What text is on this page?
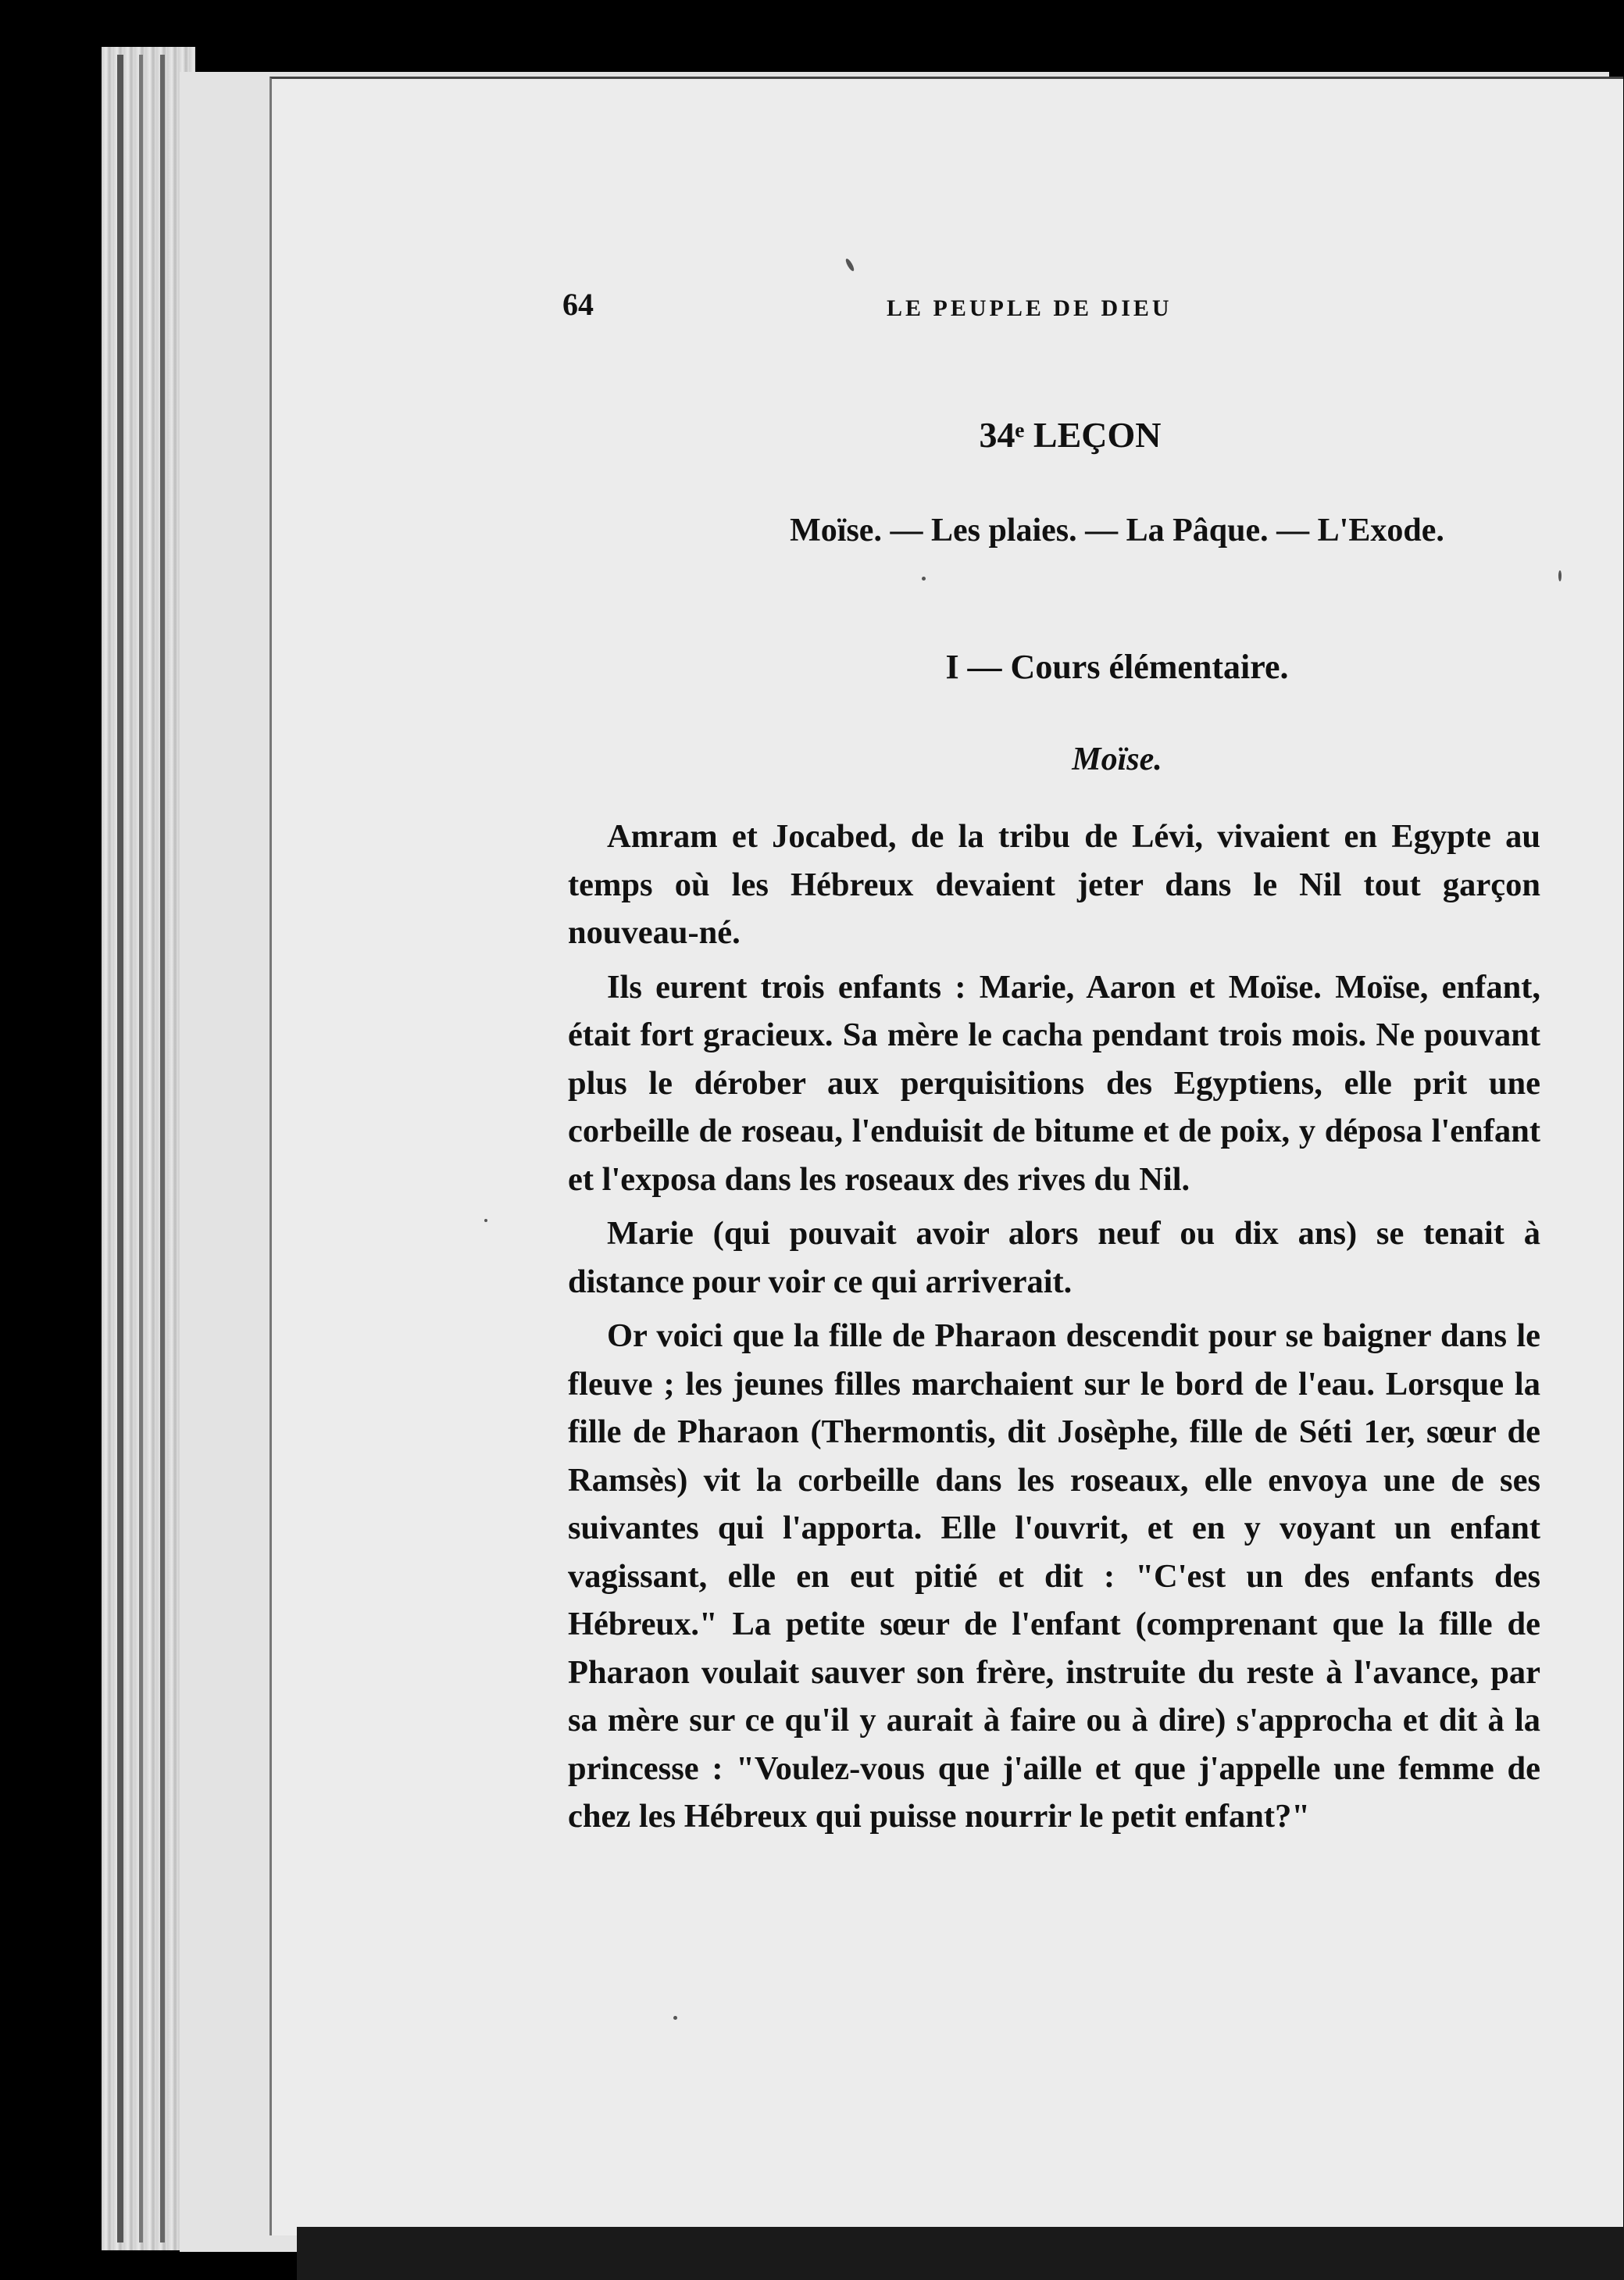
64	LE PEUPLE DE DIEU
34ᵉ LEÇON
Moïse. — Les plaies. — La Pâque. — L'Exode.
I — Cours élémentaire.
Moïse.

Amram et Jocabed, de la tribu de Lévi, vivaient en Egypte au temps où les Hébreux devaient jeter dans le Nil tout garçon nouveau-né.

Ils eurent trois enfants : Marie, Aaron et Moïse. Moïse, enfant, était fort gracieux. Sa mère le cacha pendant trois mois. Ne pouvant plus le dérober aux perquisitions des Egyptiens, elle prit une corbeille de roseau, l'enduisit de bitume et de poix, y déposa l'enfant et l'exposa dans les roseaux des rives du Nil.

Marie (qui pouvait avoir alors neuf ou dix ans) se tenait à distance pour voir ce qui arriverait.

Or voici que la fille de Pharaon descendit pour se baigner dans le fleuve ; les jeunes filles marchaient sur le bord de l'eau. Lorsque la fille de Pharaon (Thermontis, dit Josèphe, fille de Séti 1er, sœur de Ramsès) vit la corbeille dans les roseaux, elle envoya une de ses suivantes qui l'apporta. Elle l'ouvrit, et en y voyant un enfant vagissant, elle en eut pitié et dit : "C'est un des enfants des Hébreux." La petite sœur de l'enfant (comprenant que la fille de Pharaon voulait sauver son frère, instruite du reste à l'avance, par sa mère sur ce qu'il y aurait à faire ou à dire) s'approcha et dit à la princesse : "Voulez-vous que j'aille et que j'appelle une femme de chez les Hébreux qui puisse nourrir le petit enfant?"
